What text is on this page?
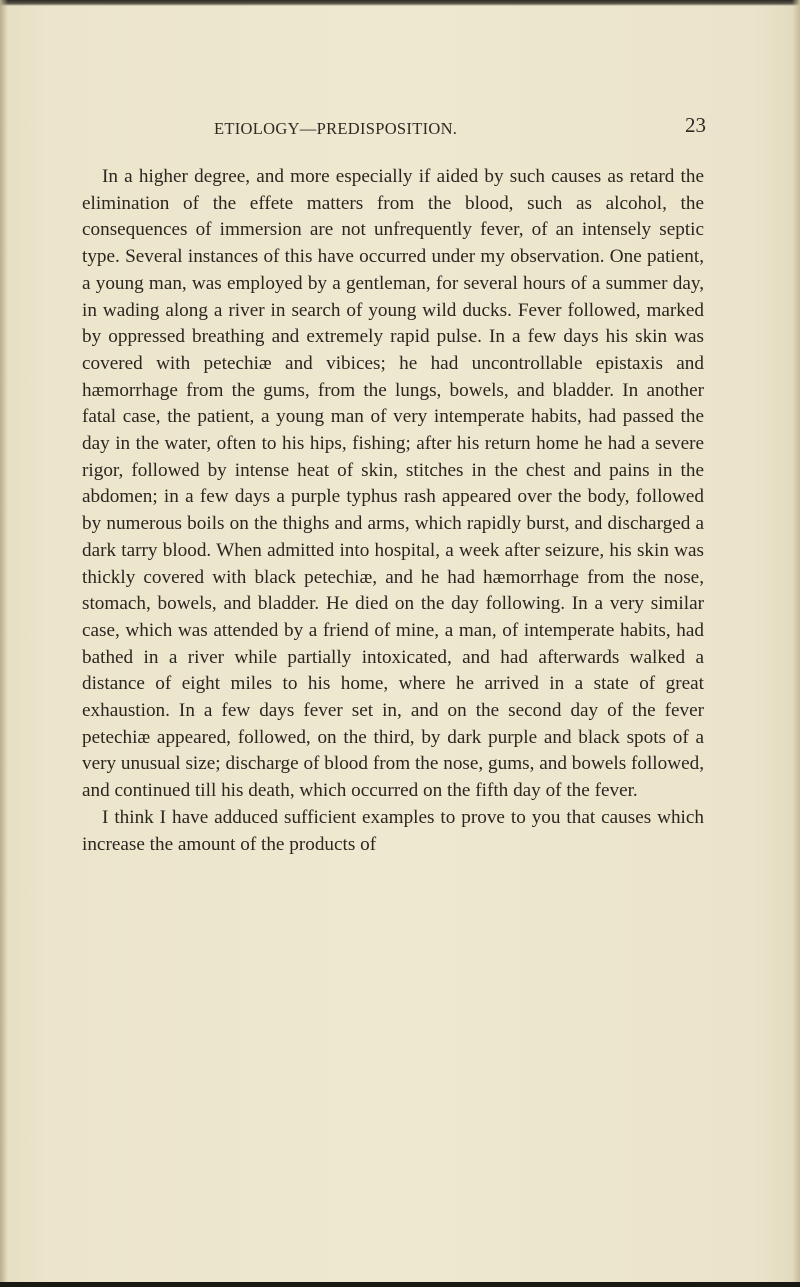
ETIOLOGY—PREDISPOSITION.	23

In a higher degree, and more especially if aided by such causes as retard the elimination of the effete matters from the blood, such as alcohol, the consequences of immersion are not unfrequently fever, of an intensely septic type. Several instances of this have occurred under my observation. One patient, a young man, was employed by a gentleman, for several hours of a summer day, in wading along a river in search of young wild ducks. Fever followed, marked by oppressed breathing and extremely rapid pulse. In a few days his skin was covered with petechiæ and vibices; he had uncontrollable epistaxis and hæmorrhage from the gums, from the lungs, bowels, and bladder. In another fatal case, the patient, a young man of very intemperate habits, had passed the day in the water, often to his hips, fishing; after his return home he had a severe rigor, followed by intense heat of skin, stitches in the chest and pains in the abdomen; in a few days a purple typhus rash appeared over the body, followed by numerous boils on the thighs and arms, which rapidly burst, and discharged a dark tarry blood. When admitted into hospital, a week after seizure, his skin was thickly covered with black petechiæ, and he had hæmorrhage from the nose, stomach, bowels, and bladder. He died on the day following. In a very similar case, which was attended by a friend of mine, a man, of intemperate habits, had bathed in a river while partially intoxicated, and had afterwards walked a distance of eight miles to his home, where he arrived in a state of great exhaustion. In a few days fever set in, and on the second day of the fever petechiæ appeared, followed, on the third, by dark purple and black spots of a very unusual size; discharge of blood from the nose, gums, and bowels followed, and continued till his death, which occurred on the fifth day of the fever.

I think I have adduced sufficient examples to prove to you that causes which increase the amount of the products of
